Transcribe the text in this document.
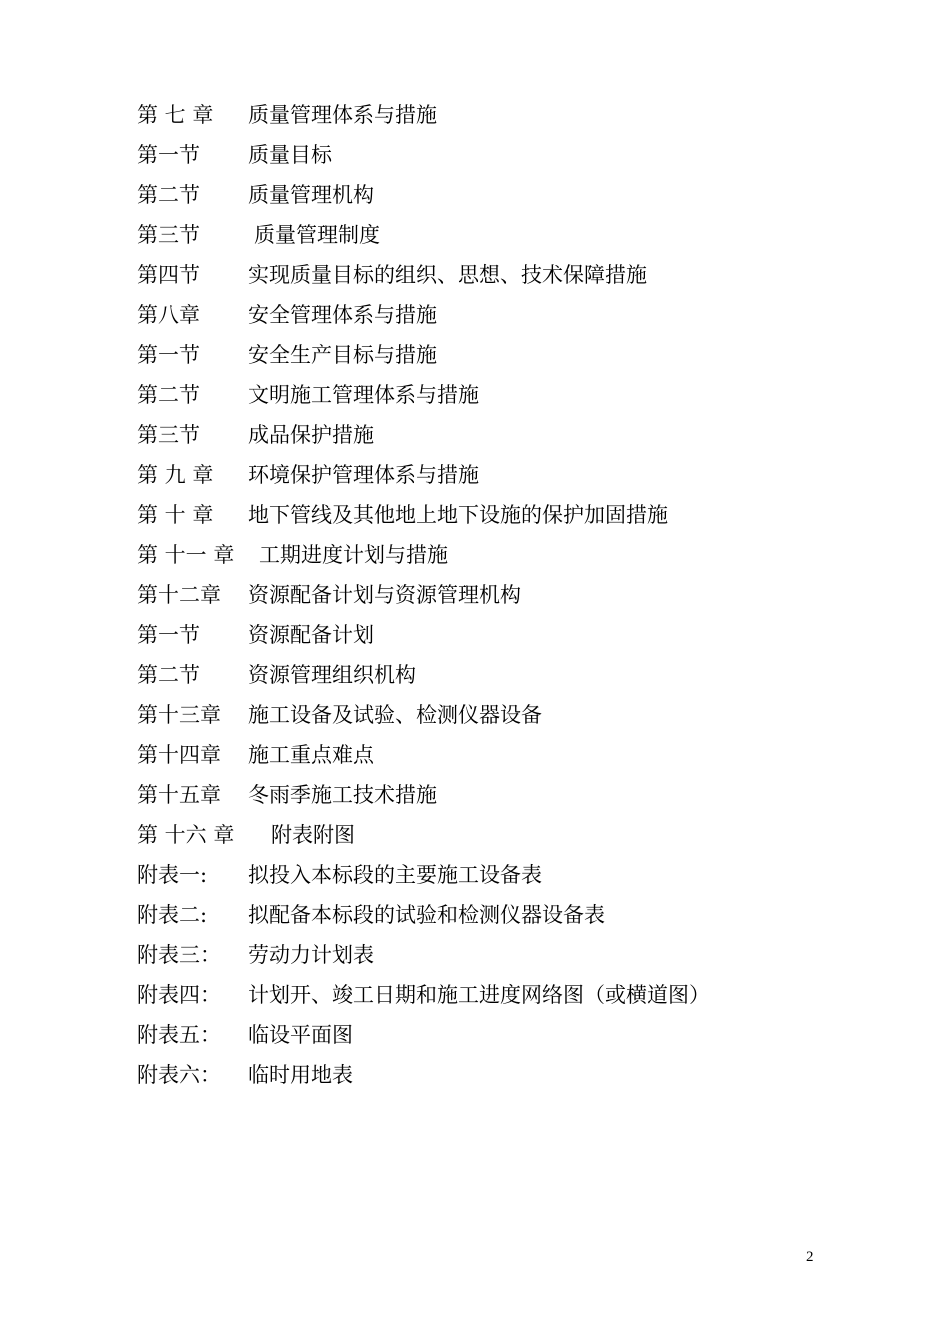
第 七 章 质量管理体系与措施
第一节 质量目标
第二节 质量管理机构
第三节	质量管理制度
第四节 实现质量目标的组织、思想、技术保障措施
第八章 安全管理体系与措施
第一节 安全生产目标与措施
第二节 文明施工管理体系与措施
第三节 成品保护措施
第 九 章 环境保护管理体系与措施
第 十 章 地下管线及其他地上地下设施的保护加固措施
第 十一 章 工期进度计划与措施
第十二章 资源配备计划与资源管理机构
第一节 资源配备计划
第二节 资源管理组织机构
第十三章 施工设备及试验、检测仪器设备
第十四章 施工重点难点
第十五章 冬雨季施工技术措施
第 十六 章 附表附图
附表一: 拟投入本标段的主要施工设备表
附表二: 拟配备本标段的试验和检测仪器设备表
附表三： 劳动力计划表
附表四： 计划开、竣工日期和施工进度网络图（或横道图）
附表五： 临设平面图
附表六： 临时用地表
2
